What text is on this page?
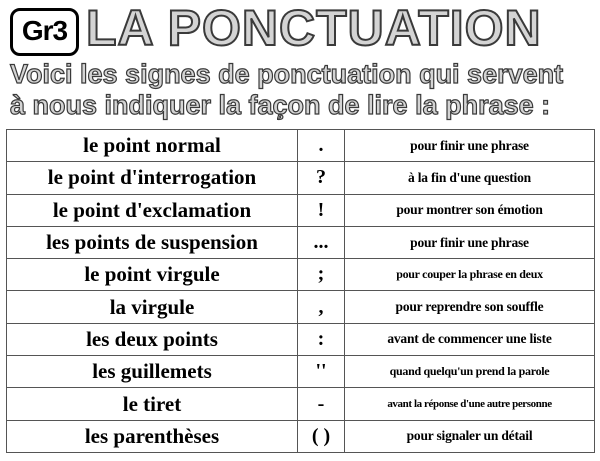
Gr3 LA PONCTUATION
Voici les signes de ponctuation qui servent
à nous indiquer la façon de lire la phrase :
le point normal	.	pour finir une phrase
le point d'interrogation	?	à la fin d'une question
le point d'exclamation	!	pour montrer son émotion
les points de suspension	...	pour finir une phrase
le point virgule	;	pour couper la phrase en deux
la virgule	,	pour reprendre son souffle
les deux points	:	avant de commencer une liste
les guillemets	''	quand quelqu'un prend la parole
le tiret	-	avant la réponse d'une autre personne
les parenthèses	( )	pour signaler un détail
